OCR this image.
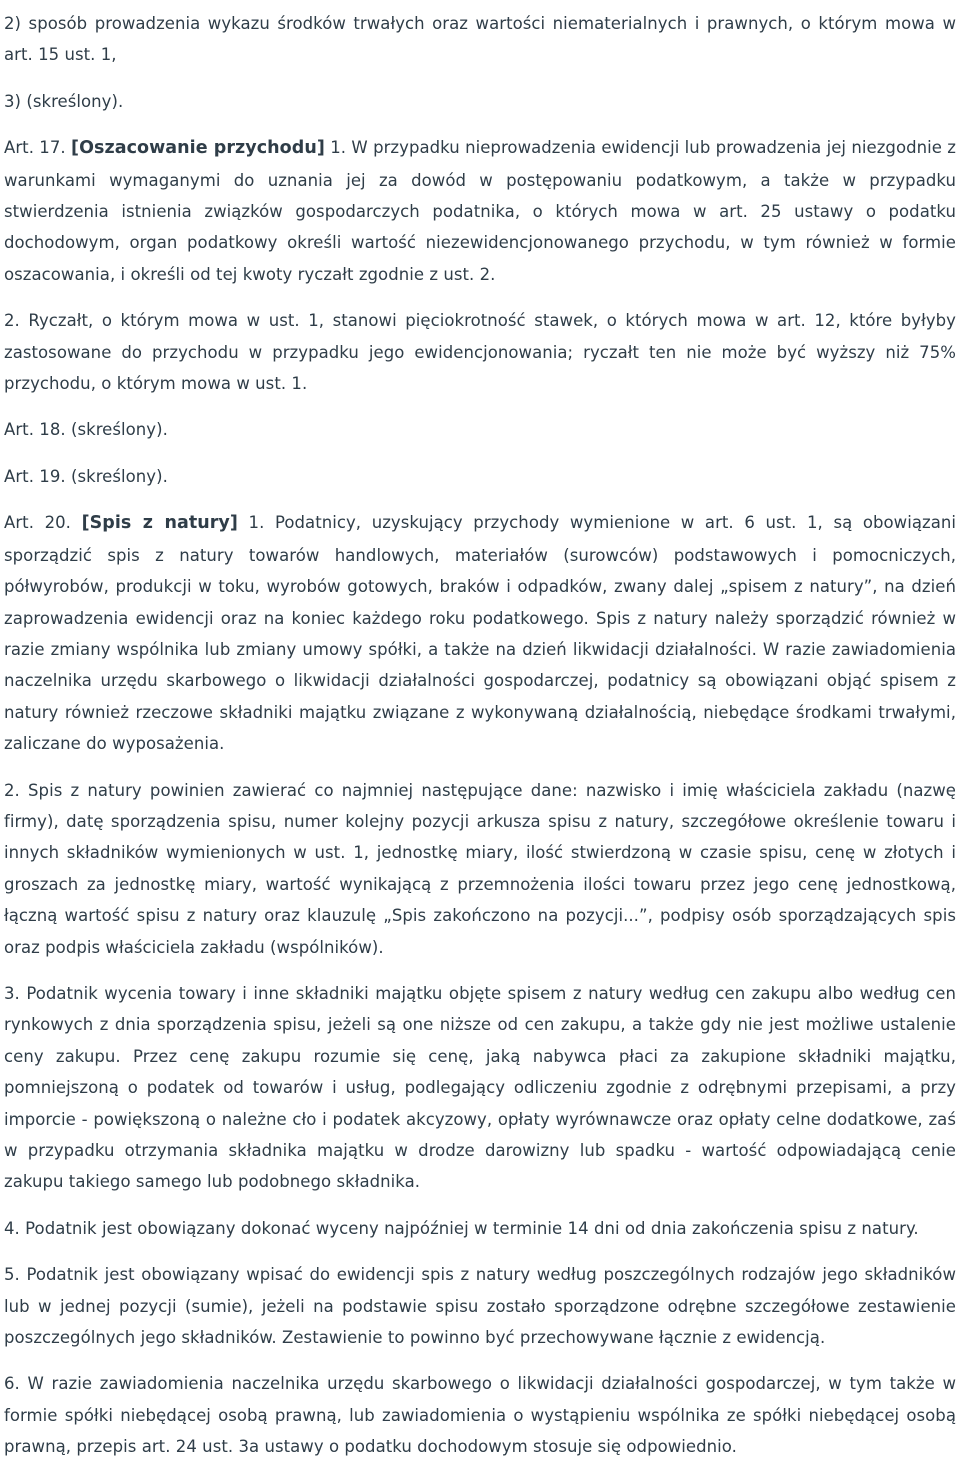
2) sposób prowadzenia wykazu środków trwałych oraz wartości niematerialnych i prawnych, o którym mowa w art. 15 ust. 1,

3) (skreślony).

Art. 17. [Oszacowanie przychodu] 1. W przypadku nieprowadzenia ewidencji lub prowadzenia jej niezgodnie z warunkami wymaganymi do uznania jej za dowód w postępowaniu podatkowym, a także w przypadku stwierdzenia istnienia związków gospodarczych podatnika, o których mowa w art. 25 ustawy o podatku dochodowym, organ podatkowy określi wartość niezewidencjonowanego przychodu, w tym również w formie oszacowania, i określi od tej kwoty ryczałt zgodnie z ust. 2.

2. Ryczałt, o którym mowa w ust. 1, stanowi pięciokrotność stawek, o których mowa w art. 12, które byłyby zastosowane do przychodu w przypadku jego ewidencjonowania; ryczałt ten nie może być wyższy niż 75% przychodu, o którym mowa w ust. 1.

Art. 18. (skreślony).

Art. 19. (skreślony).

Art. 20. [Spis z natury] 1. Podatnicy, uzyskujący przychody wymienione w art. 6 ust. 1, są obowiązani sporządzić spis z natury towarów handlowych, materiałów (surowców) podstawowych i pomocniczych, półwyrobów, produkcji w toku, wyrobów gotowych, braków i odpadków, zwany dalej „spisem z natury”, na dzień zaprowadzenia ewidencji oraz na koniec każdego roku podatkowego. Spis z natury należy sporządzić również w razie zmiany wspólnika lub zmiany umowy spółki, a także na dzień likwidacji działalności. W razie zawiadomienia naczelnika urzędu skarbowego o likwidacji działalności gospodarczej, podatnicy są obowiązani objąć spisem z natury również rzeczowe składniki majątku związane z wykonywaną działalnością, niebędące środkami trwałymi, zaliczane do wyposażenia.

2. Spis z natury powinien zawierać co najmniej następujące dane: nazwisko i imię właściciela zakładu (nazwę firmy), datę sporządzenia spisu, numer kolejny pozycji arkusza spisu z natury, szczegółowe określenie towaru i innych składników wymienionych w ust. 1, jednostkę miary, ilość stwierdzoną w czasie spisu, cenę w złotych i groszach za jednostkę miary, wartość wynikającą z przemnożenia ilości towaru przez jego cenę jednostkową, łączną wartość spisu z natury oraz klauzulę „Spis zakończono na pozycji...”, podpisy osób sporządzających spis oraz podpis właściciela zakładu (wspólników).

3. Podatnik wycenia towary i inne składniki majątku objęte spisem z natury według cen zakupu albo według cen rynkowych z dnia sporządzenia spisu, jeżeli są one niższe od cen zakupu, a także gdy nie jest możliwe ustalenie ceny zakupu. Przez cenę zakupu rozumie się cenę, jaką nabywca płaci za zakupione składniki majątku, pomniejszoną o podatek od towarów i usług, podlegający odliczeniu zgodnie z odrębnymi przepisami, a przy imporcie - powiększoną o należne cło i podatek akcyzowy, opłaty wyrównawcze oraz opłaty celne dodatkowe, zaś w przypadku otrzymania składnika majątku w drodze darowizny lub spadku - wartość odpowiadającą cenie zakupu takiego samego lub podobnego składnika.

4. Podatnik jest obowiązany dokonać wyceny najpóźniej w terminie 14 dni od dnia zakończenia spisu z natury.

5. Podatnik jest obowiązany wpisać do ewidencji spis z natury według poszczególnych rodzajów jego składników lub w jednej pozycji (sumie), jeżeli na podstawie spisu zostało sporządzone odrębne szczegółowe zestawienie poszczególnych jego składników. Zestawienie to powinno być przechowywane łącznie z ewidencją.

6. W razie zawiadomienia naczelnika urzędu skarbowego o likwidacji działalności gospodarczej, w tym także w formie spółki niebędącej osobą prawną, lub zawiadomienia o wystąpieniu wspólnika ze spółki niebędącej osobą prawną, przepis art. 24 ust. 3a ustawy o podatku dochodowym stosuje się odpowiednio.
